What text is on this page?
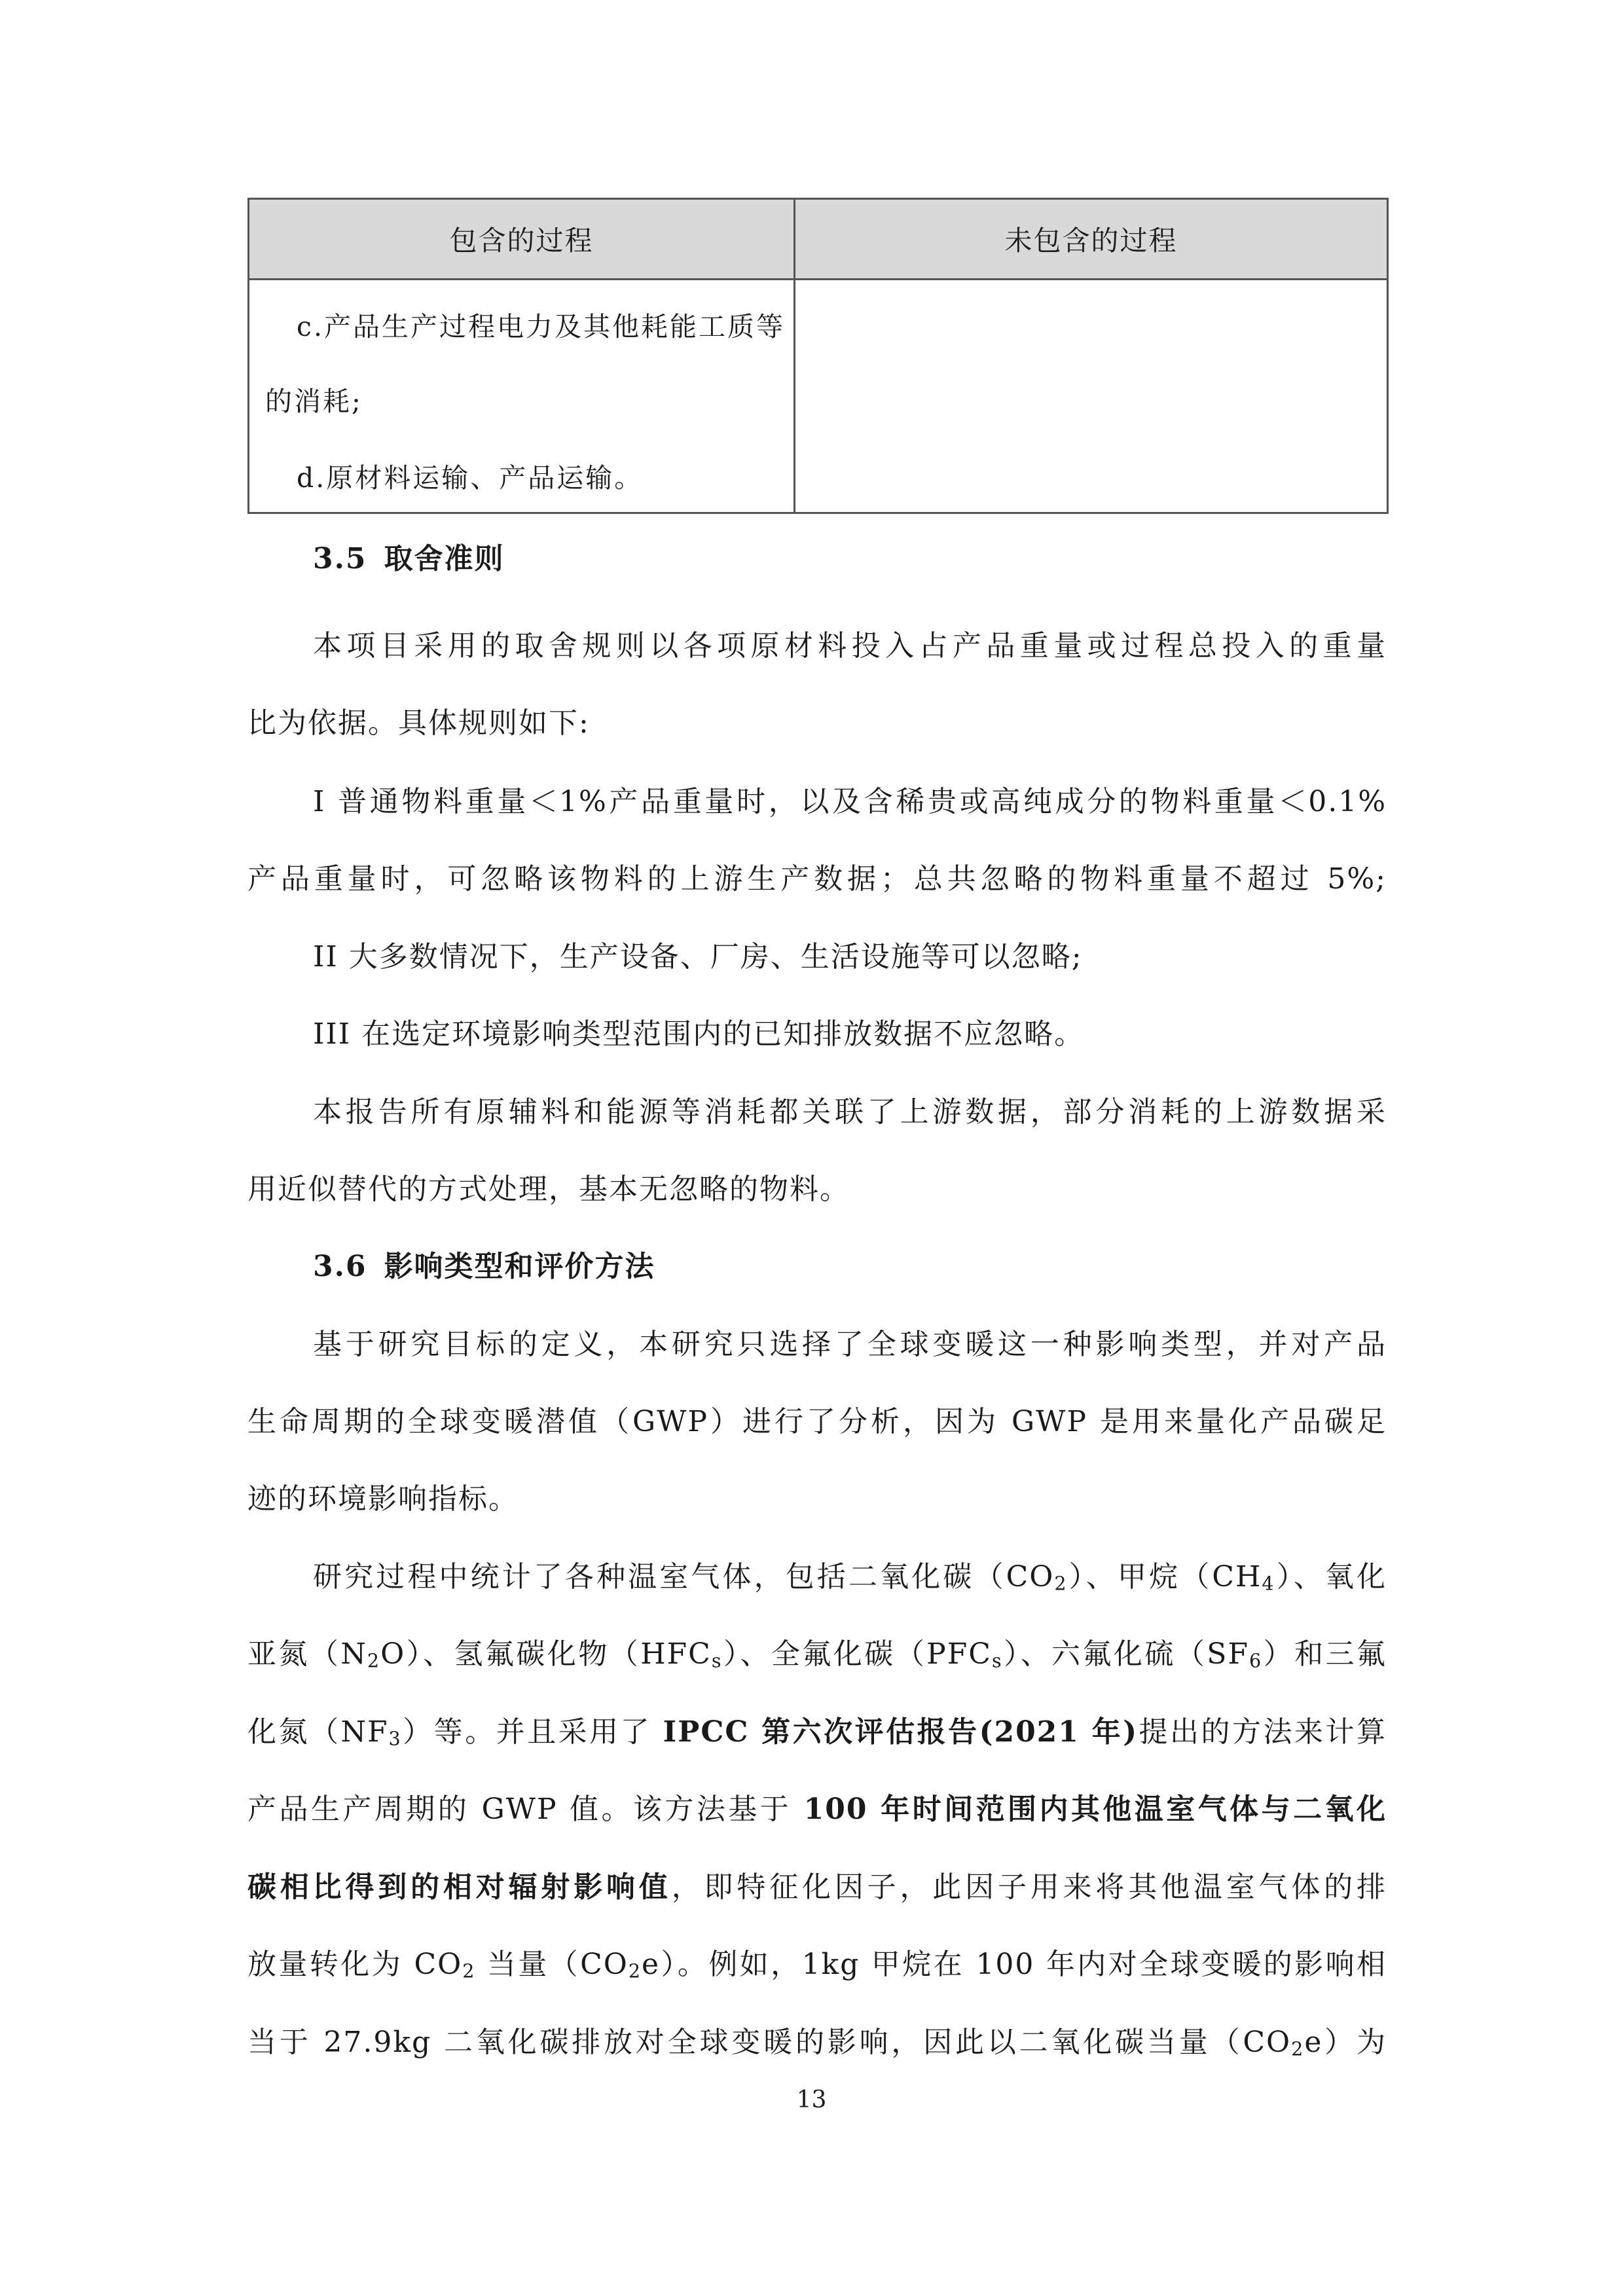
包含的过程	未包含的过程

c.产品生产过程电力及其他耗能工质等
的消耗;
d.原材料运输、产品运输。	

3.5 取舍准则
本项目采用的取舍规则以各项原材料投入占产品重量或过程总投入的重量
比为依据。具体规则如下:
I 普通物料重量＜1%产品重量时，以及含稀贵或高纯成分的物料重量＜0.1%
产品重量时，可忽略该物料的上游生产数据；总共忽略的物料重量不超过 5%;
II 大多数情况下，生产设备、厂房、生活设施等可以忽略;
III 在选定环境影响类型范围内的已知排放数据不应忽略。
本报告所有原辅料和能源等消耗都关联了上游数据，部分消耗的上游数据采
用近似替代的方式处理，基本无忽略的物料。
3.6 影响类型和评价方法
基于研究目标的定义，本研究只选择了全球变暖这一种影响类型，并对产品
生命周期的全球变暖潜值（GWP）进行了分析，因为 GWP 是用来量化产品碳足
迹的环境影响指标。
研究过程中统计了各种温室气体，包括二氧化碳$(CO_2)$、甲烷$(CH_4)$、氧化
亚氮$(N_2O)$、氢氟碳化物$(HFC_s)$、全氟化碳$(PFC_s)$、六氟化硫$(SF_6)$和三氟
化氮$(NF_3)$等。并且采用了 IPCC 第六次评估报告(2021 年)提出的方法来计算
产品生产周期的 GWP 值。该方法基于 100 年时间范围内其他温室气体与二氧化
碳相比得到的相对辐射影响值，即特征化因子，此因子用来将其他温室气体的排
放量转化为 $CO_2$ 当量$(CO_2e)$。例如，1kg 甲烷在 100 年内对全球变暖的影响相
当于 27.9kg 二氧化碳排放对全球变暖的影响，因此以二氧化碳当量$(CO_2e)$为
13
